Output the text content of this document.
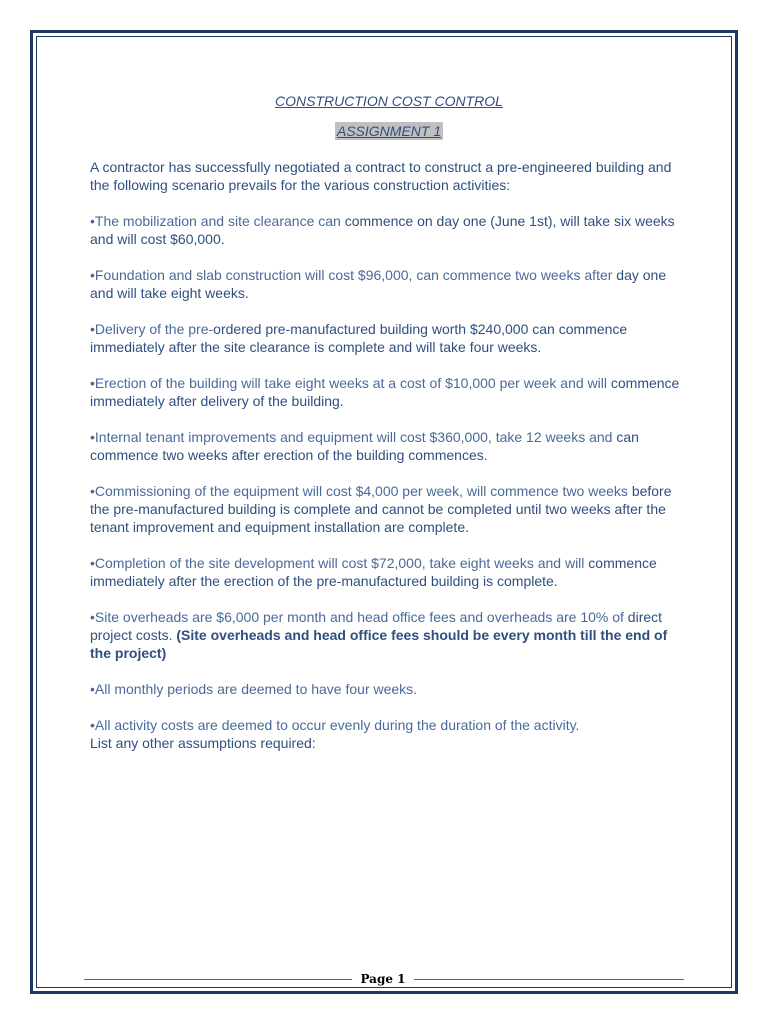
CONSTRUCTION COST CONTROL
ASSIGNMENT 1

A contractor has successfully negotiated a contract to construct a pre-engineered building and the following scenario prevails for the various construction activities:

•The mobilization and site clearance can commence on day one (June 1st), will take six weeks and will cost $60,000.

•Foundation and slab construction will cost $96,000, can commence two weeks after day one and will take eight weeks.

•Delivery of the pre-ordered pre-manufactured building worth $240,000 can commence immediately after the site clearance is complete and will take four weeks.

•Erection of the building will take eight weeks at a cost of $10,000 per week and will commence immediately after delivery of the building.

•Internal tenant improvements and equipment will cost $360,000, take 12 weeks and can commence two weeks after erection of the building commences.

•Commissioning of the equipment will cost $4,000 per week, will commence two weeks before the pre-manufactured building is complete and cannot be completed until two weeks after the tenant improvement and equipment installation are complete.

•Completion of the site development will cost $72,000, take eight weeks and will commence immediately after the erection of the pre-manufactured building is complete.

•Site overheads are $6,000 per month and head office fees and overheads are 10% of direct project costs. (Site overheads and head office fees should be every month till the end of the project)

•All monthly periods are deemed to have four weeks.

•All activity costs are deemed to occur evenly during the duration of the activity.
List any other assumptions required:

Page 1
